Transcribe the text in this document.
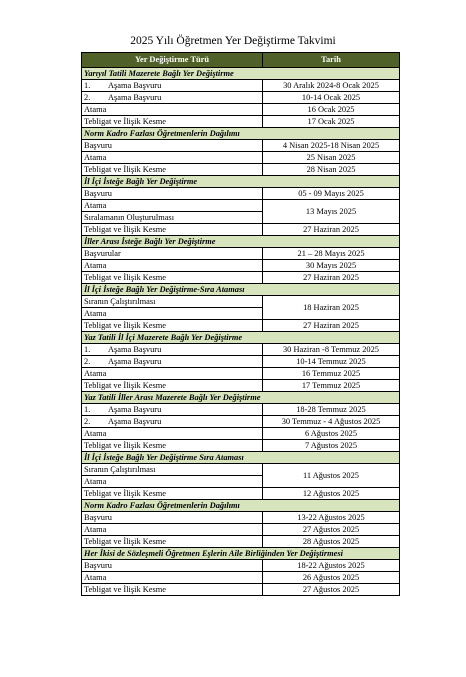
2025 Yılı Öğretmen Yer Değiştirme Takvimi
Yer Değiştirme Türü	Tarih
Yarıyıl Tatili Mazerete Bağlı Yer Değiştirme	
1. Aşama Başvuru	30 Aralık 2024-8 Ocak 2025
2. Aşama Başvuru	10-14 Ocak 2025
Atama	16 Ocak 2025
Tebligat ve İlişik Kesme	17 Ocak 2025
Norm Kadro Fazlası Öğretmenlerin Dağılımı	
Başvuru	4 Nisan 2025-18 Nisan 2025
Atama	25 Nisan 2025
Tebligat ve İlişik Kesme	28 Nisan 2025
İl İçi İsteğe Bağlı Yer Değiştirme	
Başvuru	05 - 09 Mayıs 2025
Atama	13 Mayıs 2025
Sıralamanın Oluşturulması	
Tebligat ve İlişik Kesme	27 Haziran 2025
İller Arası İsteğe Bağlı Yer Değiştirme	
Başvurular	21 – 28 Mayıs 2025
Atama	30 Mayıs 2025
Tebligat ve İlişik Kesme	27 Haziran 2025
İl İçi İsteğe Bağlı Yer Değiştirme-Sıra Ataması	
Sıranın Çalıştırılması	18 Haziran 2025
Atama	
Tebligat ve İlişik Kesme	27 Haziran 2025
Yaz Tatili İl İçi Mazerete Bağlı Yer Değiştirme	
1. Aşama Başvuru	30 Haziran -8 Temmuz 2025
2. Aşama Başvuru	10-14 Temmuz 2025
Atama	16 Temmuz 2025
Tebligat ve İlişik Kesme	17 Temmuz 2025
Yaz Tatili İller Arası Mazerete Bağlı Yer Değiştirme	
1. Aşama Başvuru	18-28 Temmuz 2025
2. Aşama Başvuru	30 Temmuz - 4 Ağustos 2025
Atama	6 Ağustos 2025
Tebligat ve İlişik Kesme	7 Ağustos 2025
İl İçi İsteğe Bağlı Yer Değiştirme Sıra Ataması	
Sıranın Çalıştırılması	11 Ağustos 2025
Atama	
Tebligat ve İlişik Kesme	12 Ağustos 2025
Norm Kadro Fazlası Öğretmenlerin Dağılımı	
Başvuru	13-22 Ağustos 2025
Atama	27 Ağustos 2025
Tebligat ve İlişik Kesme	28 Ağustos 2025
Her İkisi de Sözleşmeli Öğretmen Eşlerin Aile Birliğinden Yer Değiştirmesi	
Başvuru	18-22 Ağustos 2025
Atama	26 Ağustos 2025
Tebligat ve İlişik Kesme	27 Ağustos 2025
